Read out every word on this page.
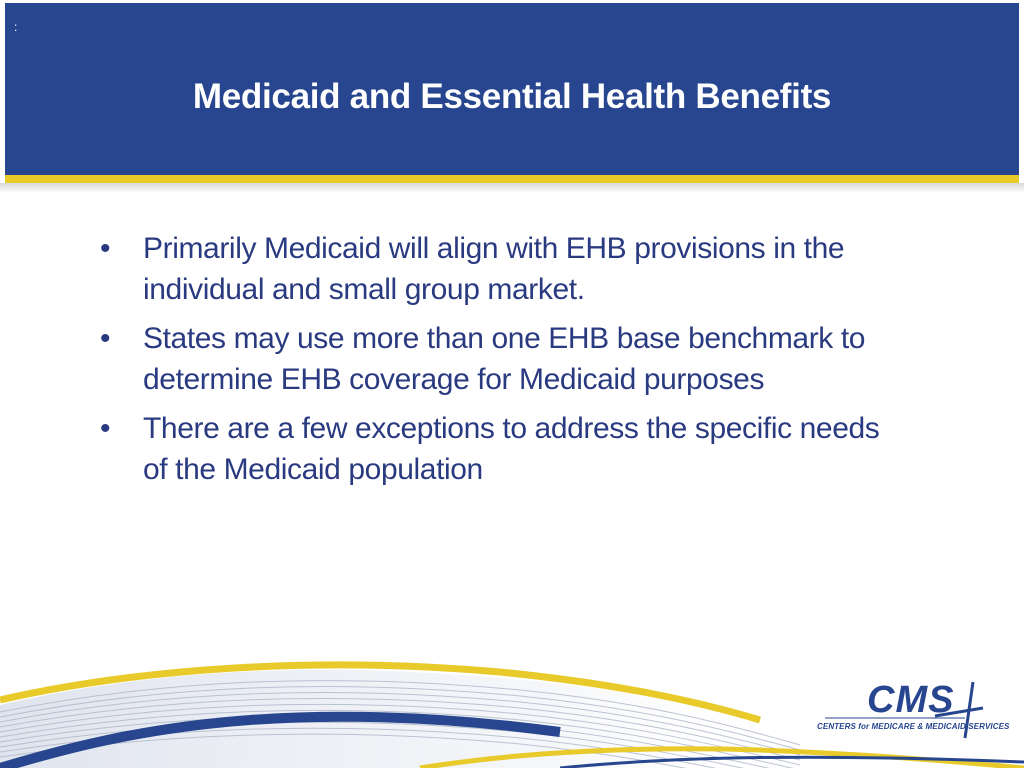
:
Medicaid and Essential Health Benefits
•	Primarily Medicaid will align with EHB provisions in the individual and small group market.
•	States may use more than one EHB base benchmark to determine EHB coverage for Medicaid purposes
•	There are a few exceptions to address the specific needs of the Medicaid population
CMS
CENTERS for MEDICARE & MEDICAID SERVICES
